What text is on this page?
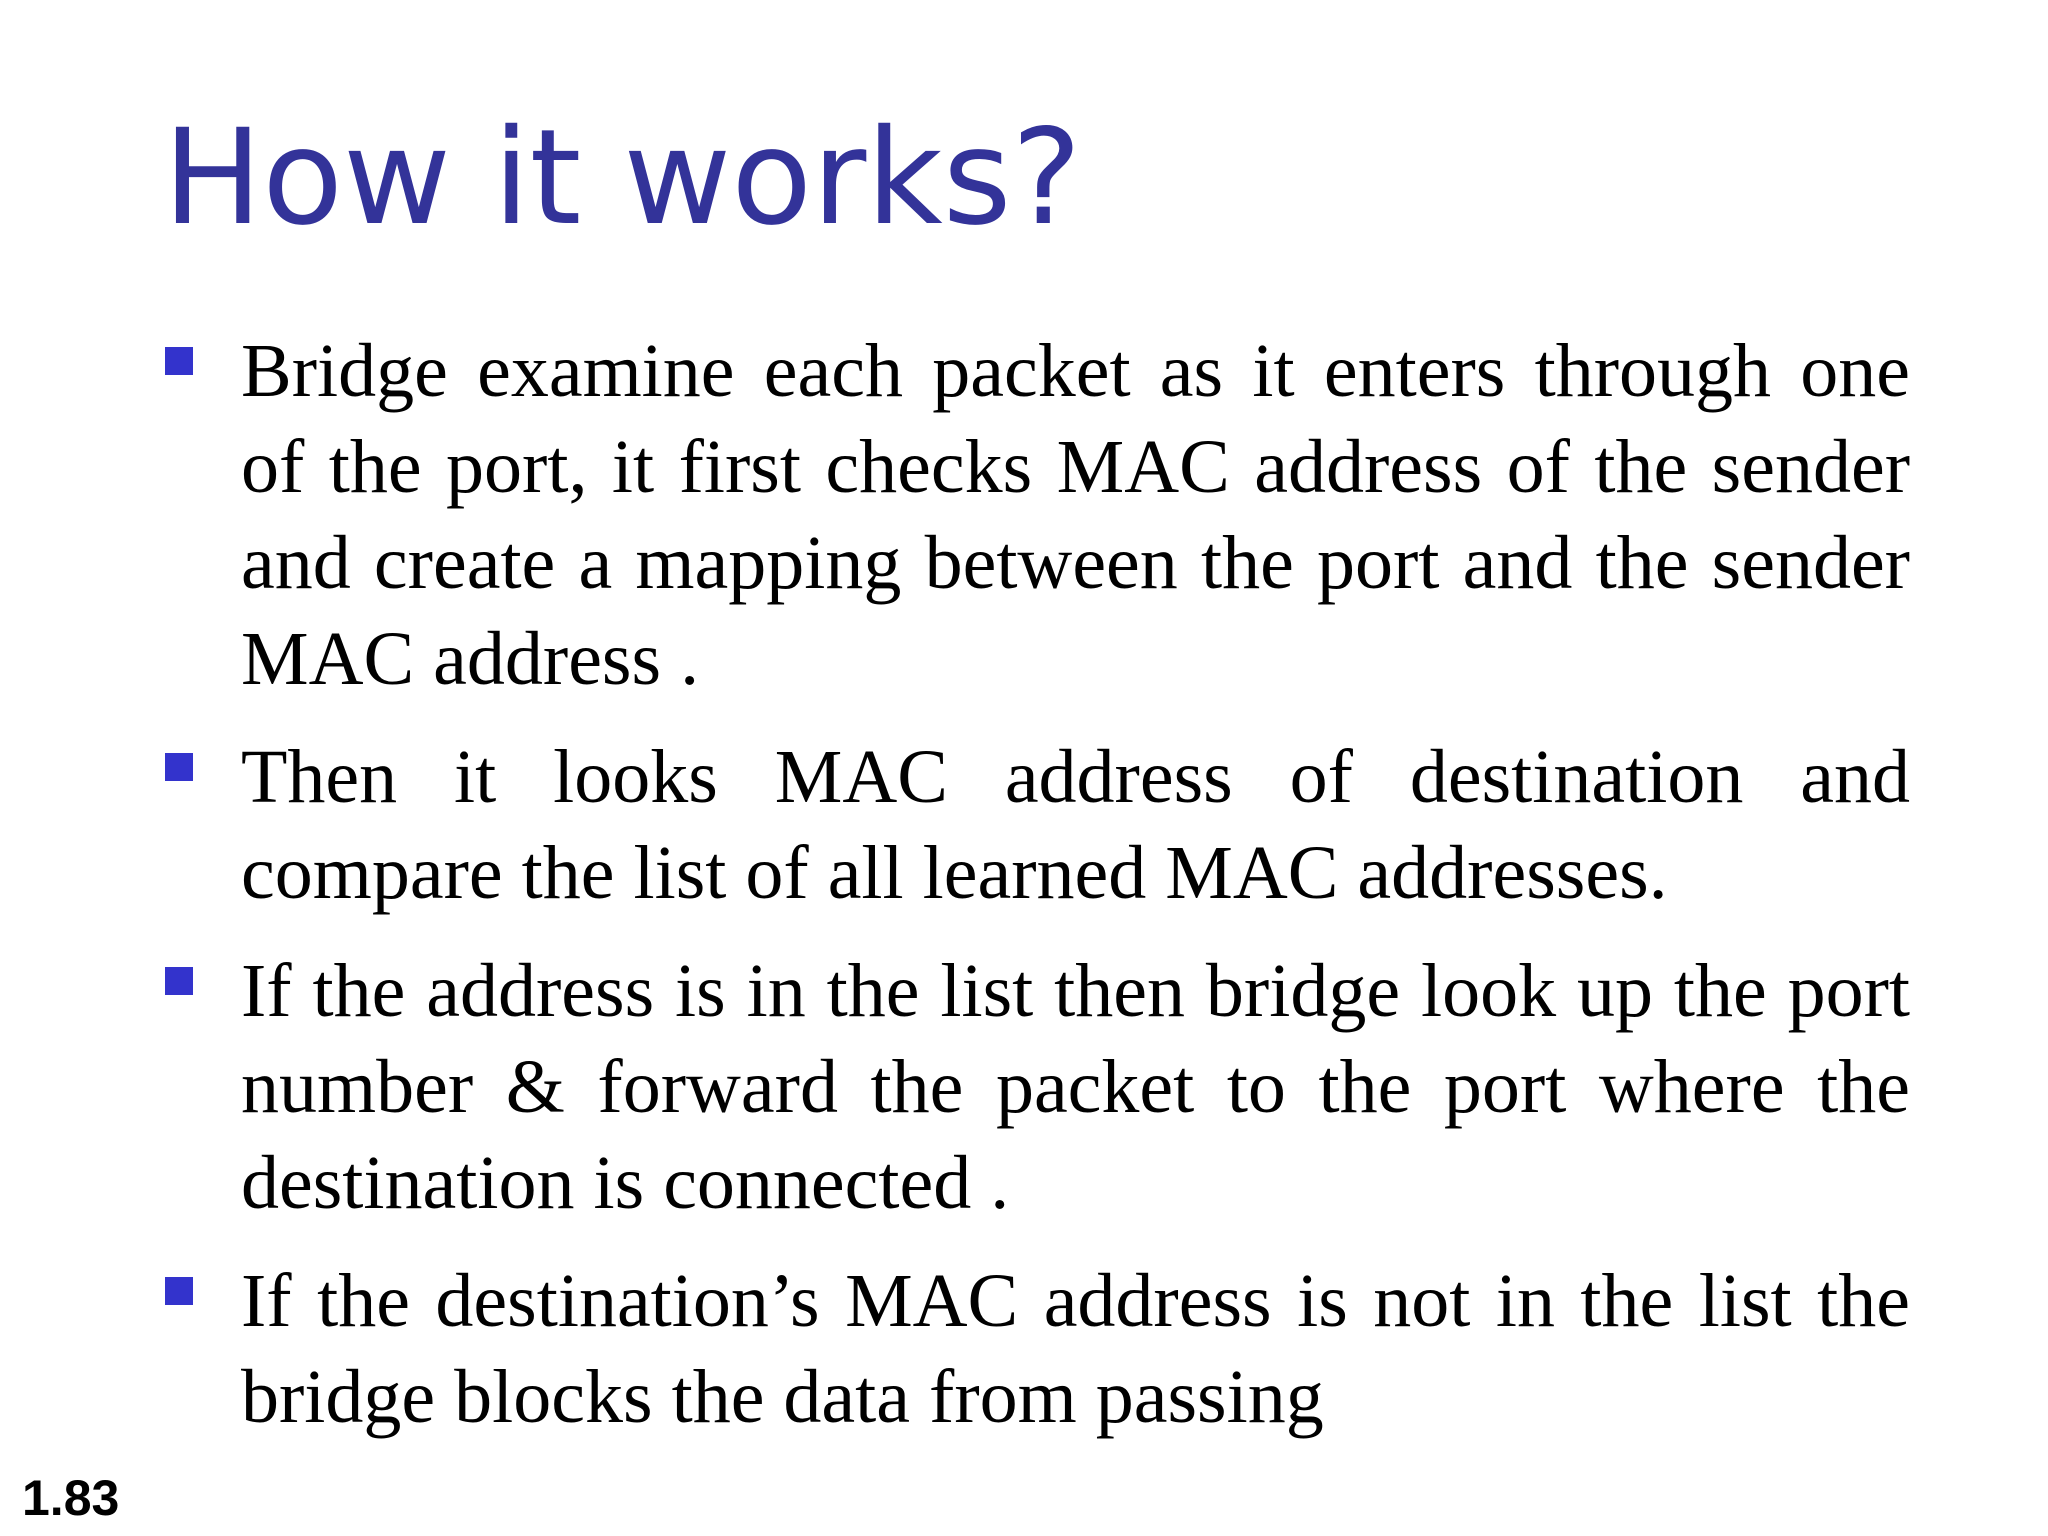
How it works?
Bridge examine each packet as it enters through one of the port, it first checks MAC address of the sender and create a mapping between the port and the sender MAC address .
Then it looks MAC address of destination and compare the list of all learned MAC addresses.
If the address is in the list then bridge look up the port number & forward the packet to the port where the destination is connected .
If the destination’s MAC address is not in the list the bridge blocks the data from passing
1.83
